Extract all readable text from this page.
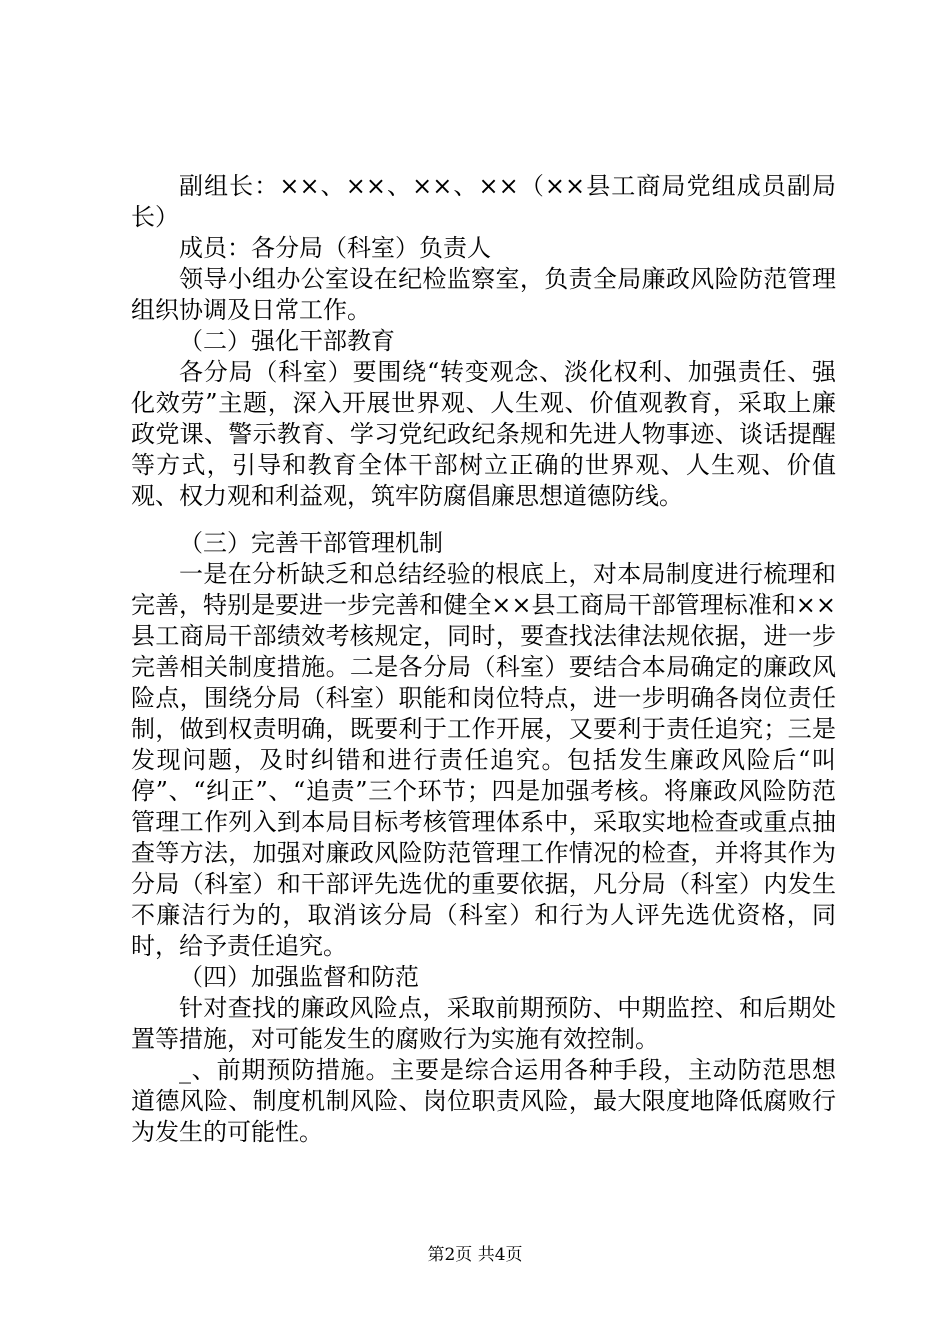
副组长：××、××、××、××（××县工商局党组成员副局长）

成员：各分局（科室）负责人

领导小组办公室设在纪检监察室，负责全局廉政风险防范管理组织协调及日常工作。

（二）强化干部教育

各分局（科室）要围绕“转变观念、淡化权利、加强责任、强化效劳”主题，深入开展世界观、人生观、价值观教育，采取上廉政党课、警示教育、学习党纪政纪条规和先进人物事迹、谈话提醒等方式，引导和教育全体干部树立正确的世界观、人生观、价值观、权力观和利益观，筑牢防腐倡廉思想道德防线。

（三）完善干部管理机制

一是在分析缺乏和总结经验的根底上，对本局制度进行梳理和完善，特别是要进一步完善和健全××县工商局干部管理标准和××县工商局干部绩效考核规定，同时，要查找法律法规依据，进一步完善相关制度措施。二是各分局（科室）要结合本局确定的廉政风险点，围绕分局（科室）职能和岗位特点，进一步明确各岗位责任制，做到权责明确，既要利于工作开展，又要利于责任追究；三是发现问题，及时纠错和进行责任追究。包括发生廉政风险后“叫停”、“纠正”、“追责”三个环节；四是加强考核。将廉政风险防范管理工作列入到本局目标考核管理体系中，采取实地检查或重点抽查等方法，加强对廉政风险防范管理工作情况的检查，并将其作为分局（科室）和干部评先选优的重要依据，凡分局（科室）内发生不廉洁行为的，取消该分局（科室）和行为人评先选优资格，同时，给予责任追究。

（四）加强监督和防范

针对查找的廉政风险点，采取前期预防、中期监控、和后期处置等措施，对可能发生的腐败行为实施有效控制。

_、前期预防措施。主要是综合运用各种手段，主动防范思想道德风险、制度机制风险、岗位职责风险，最大限度地降低腐败行为发生的可能性。

第2页 共4页
